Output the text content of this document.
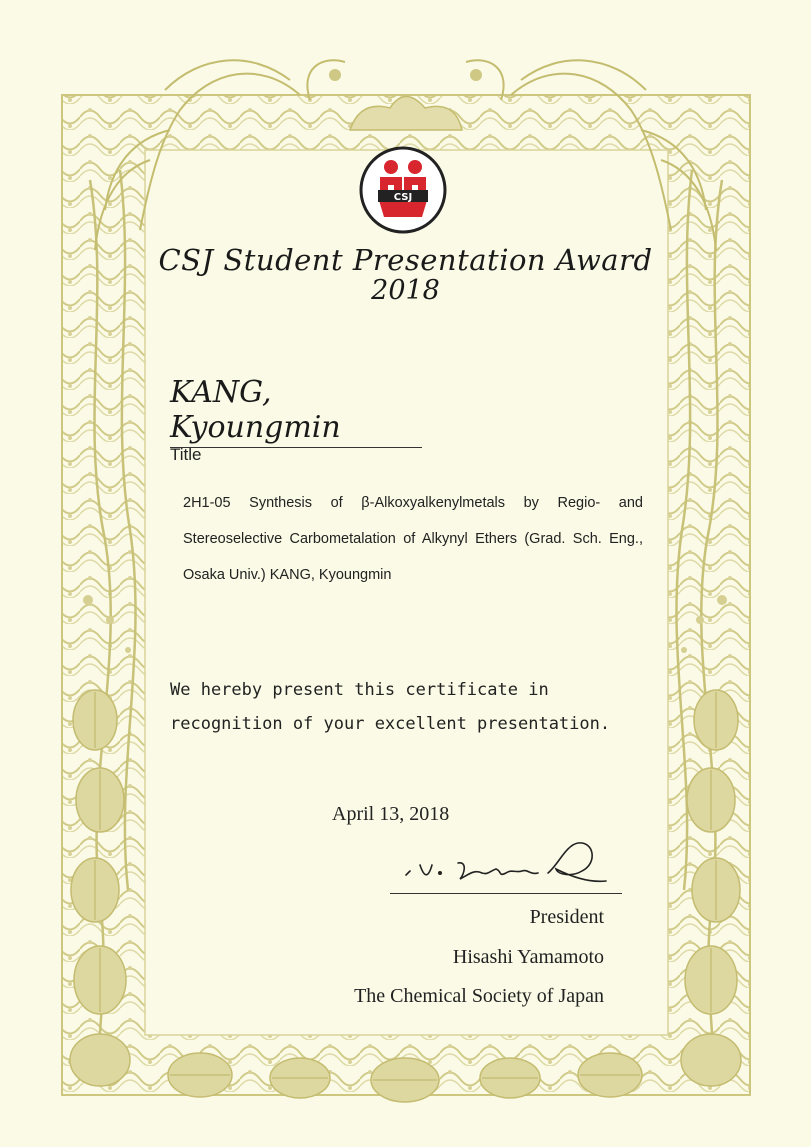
CSJ
CSJ Student Presentation Award
2018
KANG, Kyoungmin
Title
2H1-05 Synthesis of β-Alkoxyalkenylmetals by Regio- and Stereoselective Carbometalation of Alkynyl Ethers (Grad. Sch. Eng., Osaka Univ.) KANG, Kyoungmin
We hereby present this certificate in
recognition of your excellent presentation.
April 13, 2018
President
Hisashi Yamamoto
The Chemical Society of Japan
